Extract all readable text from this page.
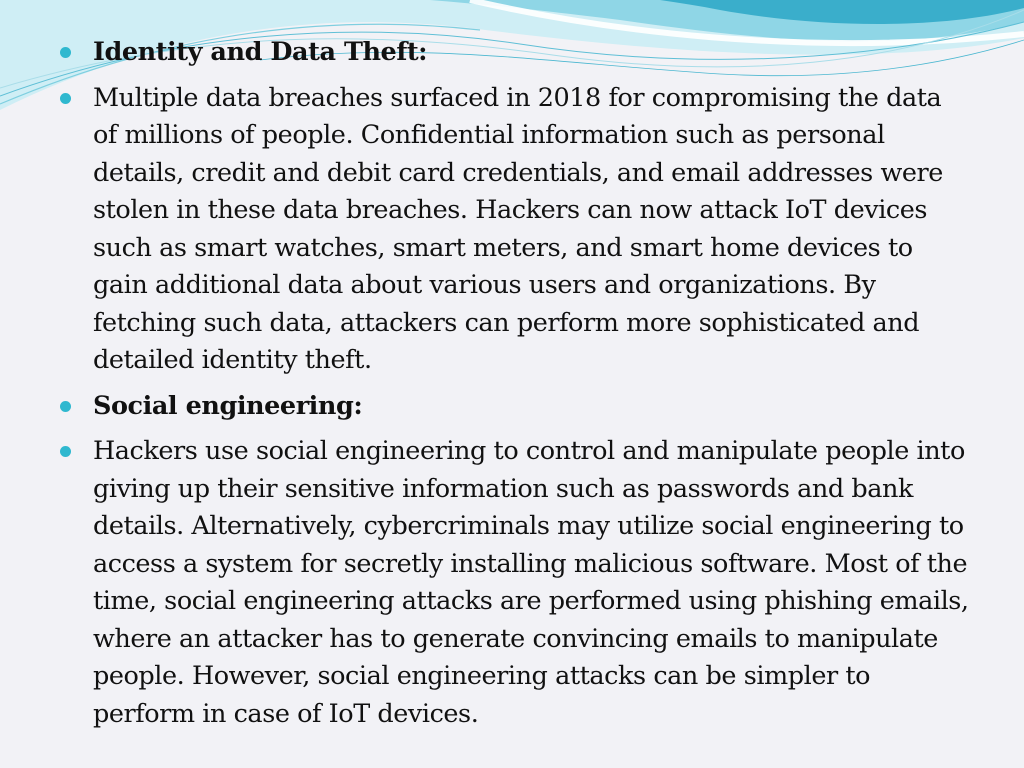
Identity and Data Theft:
Multiple data breaches surfaced in 2018 for compromising the data of millions of people. Confidential information such as personal details, credit and debit card credentials, and email addresses were stolen in these data breaches. Hackers can now attack IoT devices such as smart watches, smart meters, and smart home devices to gain additional data about various users and organizations. By fetching such data, attackers can perform more sophisticated and detailed identity theft.
Social engineering:
Hackers use social engineering to control and manipulate people into giving up their sensitive information such as passwords and bank details. Alternatively, cybercriminals may utilize social engineering to access a system for secretly installing malicious software. Most of the time, social engineering attacks are performed using phishing emails, where an attacker has to generate convincing emails to manipulate people. However, social engineering attacks can be simpler to perform in case of IoT devices.
